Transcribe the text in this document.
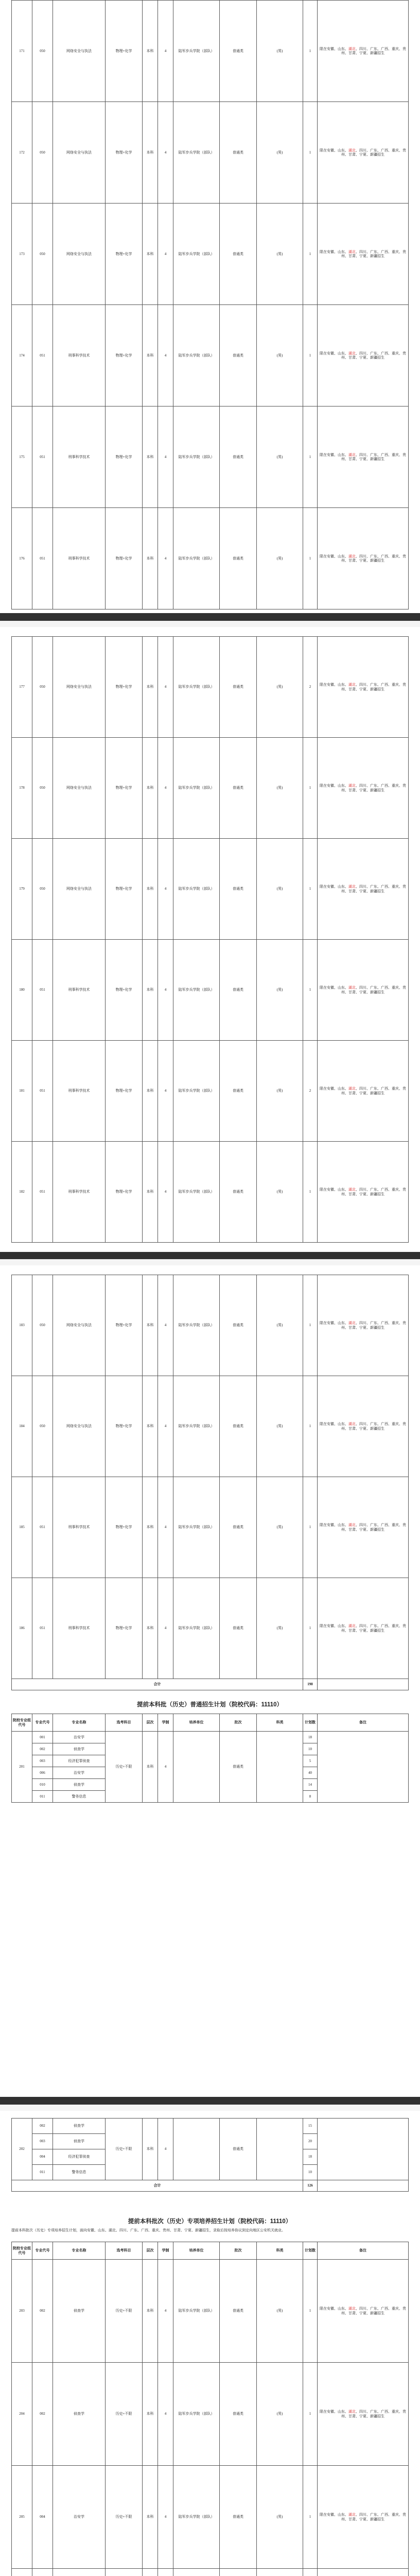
171	050	网络安全与执法	物理+化学	本科	4	陆军步兵学院（部队）	普通类	(男)	1	限在安徽、山东、湖北、四川、广东、广西、重庆、贵州、甘肃、宁夏、新疆招生
172	050	网络安全与执法	物理+化学	本科	4	陆军步兵学院（部队）	普通类	(男)	1	限在安徽、山东、湖北、四川、广东、广西、重庆、贵州、甘肃、宁夏、新疆招生
173	050	网络安全与执法	物理+化学	本科	4	陆军步兵学院（部队）	普通类	(男)	1	限在安徽、山东、湖北、四川、广东、广西、重庆、贵州、甘肃、宁夏、新疆招生
174	051	刑事科学技术	物理+化学	本科	4	陆军步兵学院（部队）	普通类	(男)	1	限在安徽、山东、湖北、四川、广东、广西、重庆、贵州、甘肃、宁夏、新疆招生
175	051	刑事科学技术	物理+化学	本科	4	陆军步兵学院（部队）	普通类	(男)	1	限在安徽、山东、湖北、四川、广东、广西、重庆、贵州、甘肃、宁夏、新疆招生
176	051	刑事科学技术	物理+化学	本科	4	陆军步兵学院（部队）	普通类	(男)	1	限在安徽、山东、湖北、四川、广东、广西、重庆、贵州、甘肃、宁夏、新疆招生
177	050	网络安全与执法	物理+化学	本科	4	陆军步兵学院（部队）	普通类	(男)	2	限在安徽、山东、湖北、四川、广东、广西、重庆、贵州、甘肃、宁夏、新疆招生
178	050	网络安全与执法	物理+化学	本科	4	陆军步兵学院（部队）	普通类	(男)	1	限在安徽、山东、湖北、四川、广东、广西、重庆、贵州、甘肃、宁夏、新疆招生
179	050	网络安全与执法	物理+化学	本科	4	陆军步兵学院（部队）	普通类	(男)	1	限在安徽、山东、湖北、四川、广东、广西、重庆、贵州、甘肃、宁夏、新疆招生
180	051	刑事科学技术	物理+化学	本科	4	陆军步兵学院（部队）	普通类	(男)	1	限在安徽、山东、湖北、四川、广东、广西、重庆、贵州、甘肃、宁夏、新疆招生
181	051	刑事科学技术	物理+化学	本科	4	陆军步兵学院（部队）	普通类	(男)	2	限在安徽、山东、湖北、四川、广东、广西、重庆、贵州、甘肃、宁夏、新疆招生
182	051	刑事科学技术	物理+化学	本科	4	陆军步兵学院（部队）	普通类	(男)	1	限在安徽、山东、湖北、四川、广东、广西、重庆、贵州、甘肃、宁夏、新疆招生
183	050	网络安全与执法	物理+化学	本科	4	陆军步兵学院（部队）	普通类	(男)	1	限在安徽、山东、湖北、四川、广东、广西、重庆、贵州、甘肃、宁夏、新疆招生
184	050	网络安全与执法	物理+化学	本科	4	陆军步兵学院（部队）	普通类	(男)	1	限在安徽、山东、湖北、四川、广东、广西、重庆、贵州、甘肃、宁夏、新疆招生
185	051	刑事科学技术	物理+化学	本科	4	陆军步兵学院（部队）	普通类	(男)	1	限在安徽、山东、湖北、四川、广东、广西、重庆、贵州、甘肃、宁夏、新疆招生
186	051	刑事科学技术	物理+化学	本科	4	陆军步兵学院（部队）	普通类	(男)	1	限在安徽、山东、湖北、四川、广东、广西、重庆、贵州、甘肃、宁夏、新疆招生
合计									198	
提前本科批（历史）普通招生计划（院校代码：11110）
院校专业组代号	专业代号	专业名称	选考科目	层次	学制	培养单位	批次	科类	计划数	备注
201	001	治安学	历史+不限	本科	4		普通类		18	
	002	侦查学							10	
	003	经济犯罪侦查							5	
	006	治安学							40	
	010	侦查学							14	
	011	警务信息							8	
202	002	侦查学	历史+不限	本科	4		普通类		15	
	003	侦查学							20	
	004	经济犯罪侦查							18	
	011	警务信息							10	
合计									126	
提前本科批次（历史）专项培养招生计划（院校代码：11110）
提前本科批次（历史）专项培养招生计划，面向安徽、山东、湖北、四川、广东、广西、重庆、贵州、甘肃、宁夏、新疆招生，录取后按培养协议到定向地区公安机关就业。
院校专业组代号	专业代号	专业名称	选考科目	层次	学制	培养单位	批次	科类	计划数	备注
203	002	侦查学	历史+不限	本科	4	陆军步兵学院（部队）	普通类	(男)	1	限在安徽、山东、湖北、四川、广东、广西、重庆、贵州、甘肃、宁夏、新疆招生
204	002	侦查学	历史+不限	本科	4	陆军步兵学院（部队）	普通类	(男)	1	限在安徽、山东、湖北、四川、广东、广西、重庆、贵州、甘肃、宁夏、新疆招生
205	004	治安学	历史+不限	本科	4	陆军步兵学院（部队）	普通类	(男)	1	限在安徽、山东、湖北、四川、广东、广西、重庆、贵州、甘肃、宁夏、新疆招生
